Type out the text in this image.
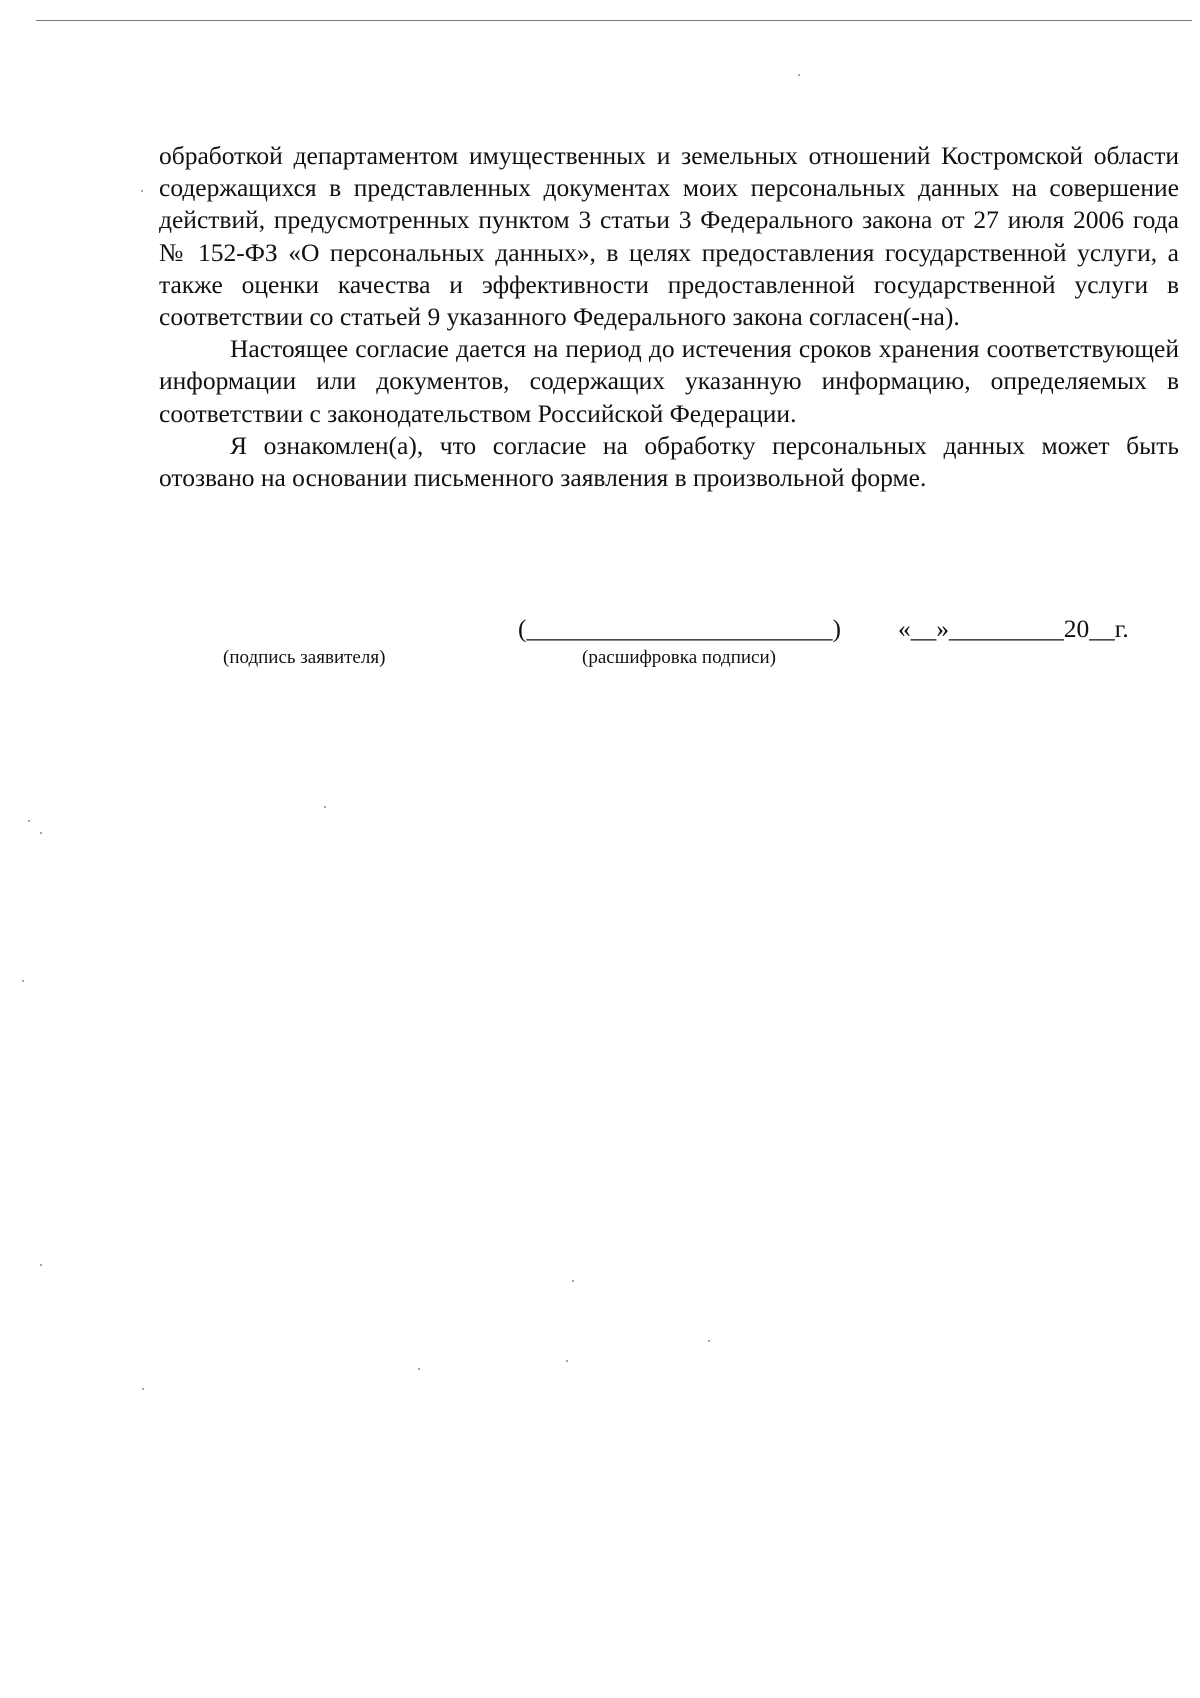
обработкой департаментом имущественных и земельных отношений Костромской области содержащихся в представленных документах моих персональных данных на совершение действий, предусмотренных пунктом 3 статьи 3 Федерального закона от 27 июля 2006 года № 152-ФЗ «О персональных данных», в целях предоставления государственной услуги, а также оценки качества и эффективности предоставленной государственной услуги в соответствии со статьей 9 указанного Федерального закона согласен(-на).

Настоящее согласие дается на период до истечения сроков хранения соответствующей информации или документов, содержащих указанную информацию, определяемых в соответствии с законодательством Российской Федерации.

Я ознакомлен(а), что согласие на обработку персональных данных может быть отозвано на основании письменного заявления в произвольной форме.

(________________________) «__»_________20__г.
(подпись заявителя)	(расшифровка подписи)
